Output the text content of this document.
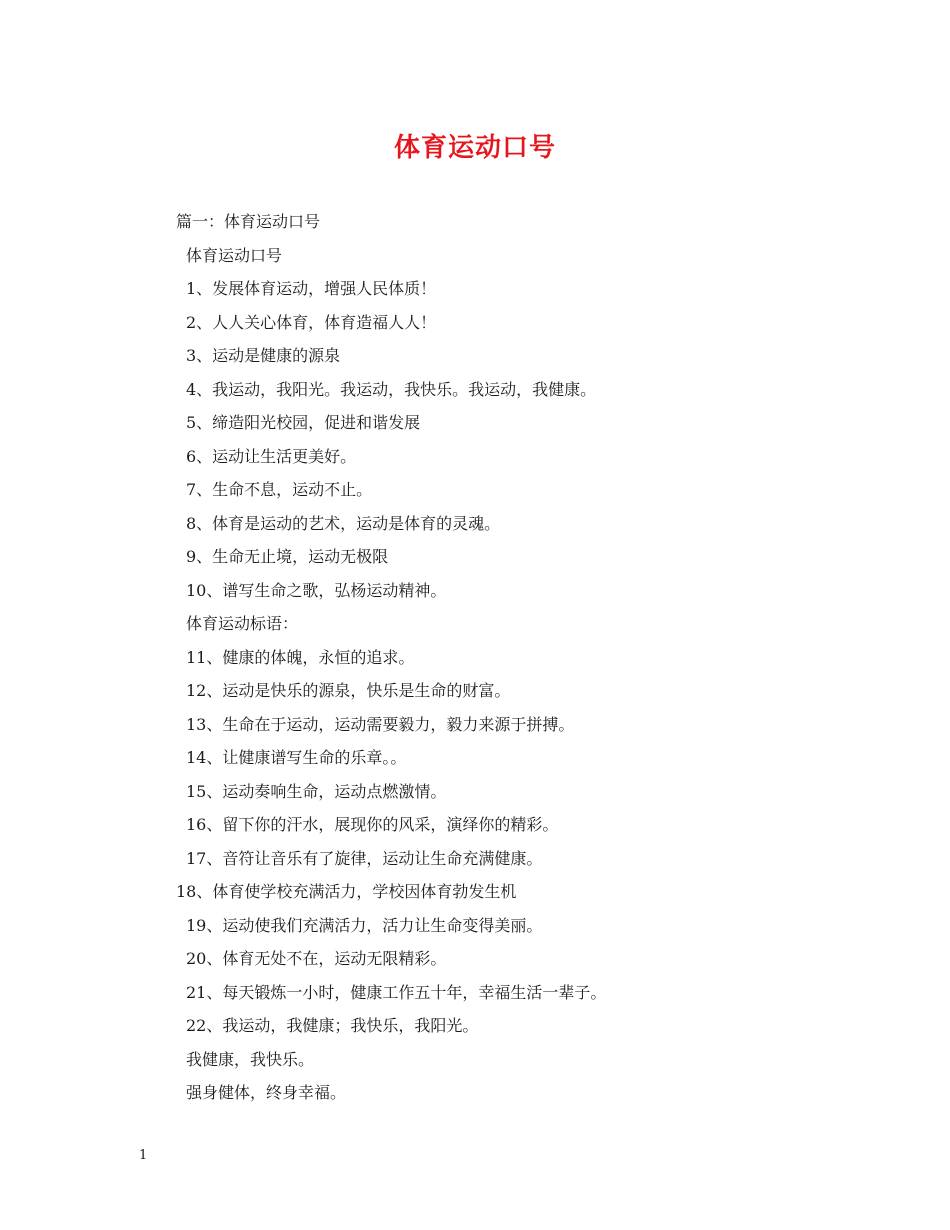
体育运动口号
篇一：体育运动口号
体育运动口号
1、发展体育运动，增强人民体质！
2、人人关心体育，体育造福人人！
3、运动是健康的源泉
4、我运动，我阳光。我运动，我快乐。我运动，我健康。
5、缔造阳光校园，促进和谐发展
6、运动让生活更美好。
7、生命不息，运动不止。
8、体育是运动的艺术，运动是体育的灵魂。
9、生命无止境，运动无极限
10、谱写生命之歌，弘杨运动精神。
体育运动标语：
11、健康的体魄，永恒的追求。
12、运动是快乐的源泉，快乐是生命的财富。
13、生命在于运动，运动需要毅力，毅力来源于拼搏。
14、让健康谱写生命的乐章。。
15、运动奏响生命，运动点燃激情。
16、留下你的汗水，展现你的风采，演绎你的精彩。
17、音符让音乐有了旋律，运动让生命充满健康。
18、体育使学校充满活力，学校因体育勃发生机
19、运动使我们充满活力，活力让生命变得美丽。
20、体育无处不在，运动无限精彩。
21、每天锻炼一小时，健康工作五十年，幸福生活一辈子。
22、我运动，我健康；我快乐，我阳光。
我健康，我快乐。
强身健体，终身幸福。
1
